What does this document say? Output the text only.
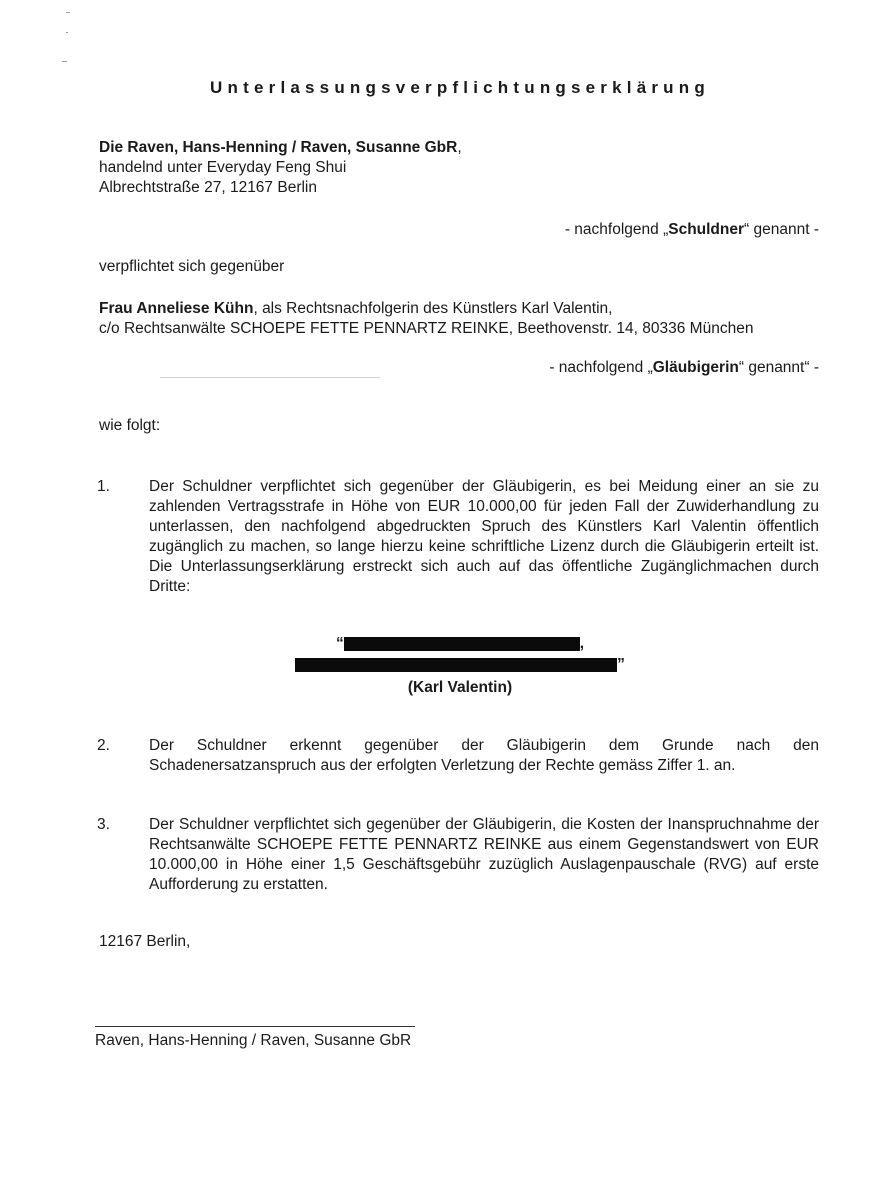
Unterlassungsverpflichtungserklärung
Die Raven, Hans-Henning / Raven, Susanne GbR,
handelnd unter Everyday Feng Shui
Albrechtstraße 27, 12167 Berlin
- nachfolgend „Schuldner“ genannt -
verpflichtet sich gegenüber
Frau Anneliese Kühn, als Rechtsnachfolgerin des Künstlers Karl Valentin,
c/o Rechtsanwälte SCHOEPE FETTE PENNARTZ REINKE, Beethovenstr. 14, 80336 München
- nachfolgend „Gläubigerin“ genannt“ -
wie folgt:
1.	Der Schuldner verpflichtet sich gegenüber der Gläubigerin, es bei Meidung einer an sie zu zahlenden Vertragsstrafe in Höhe von EUR 10.000,00 für jeden Fall der Zuwiderhandlung zu unterlassen, den nachfolgend abgedruckten Spruch des Künstlers Karl Valentin öffentlich zugänglich zu machen, so lange hierzu keine schriftliche Lizenz durch die Gläubigerin erteilt ist. Die Unterlassungserklärung erstreckt sich auch auf das öffentliche Zugänglichmachen durch Dritte:

“	,
”
(Karl Valentin)
2.	Der Schuldner erkennt gegenüber der Gläubigerin dem Grunde nach den Schadenersatzanspruch aus der erfolgten Verletzung der Rechte gemäss Ziffer 1. an.

3.	Der Schuldner verpflichtet sich gegenüber der Gläubigerin, die Kosten der Inanspruchnahme der Rechtsanwälte SCHOEPE FETTE PENNARTZ REINKE aus einem Gegenstandswert von EUR 10.000,00 in Höhe einer 1,5 Geschäftsgebühr zuzüglich Auslagenpauschale (RVG) auf erste Aufforderung zu erstatten.

12167 Berlin,
Raven, Hans-Henning / Raven, Susanne GbR
